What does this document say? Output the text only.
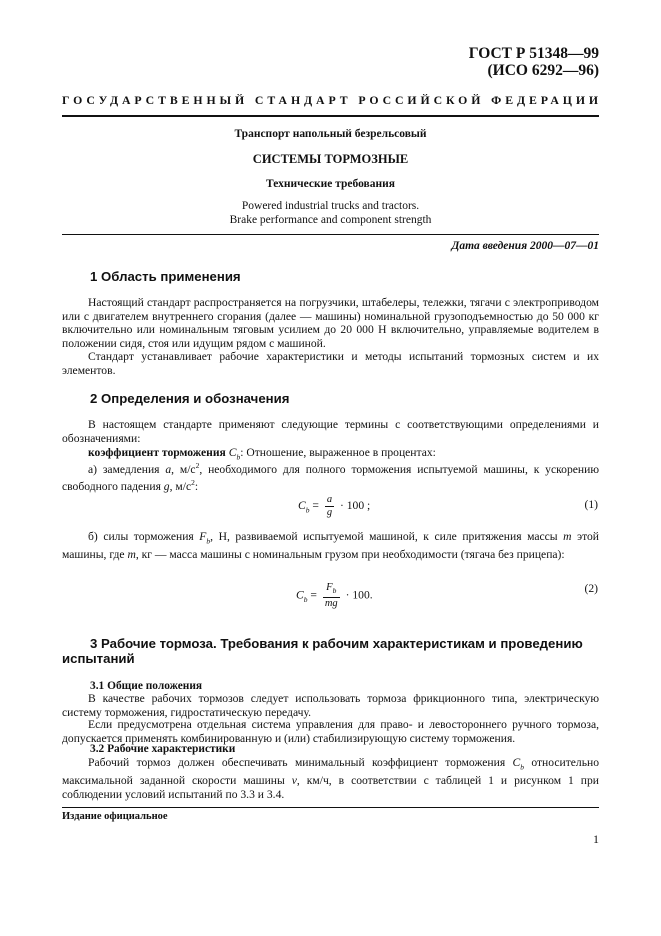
ГОСТ Р 51348—99
(ИСО 6292—96)
ГОСУДАРСТВЕННЫЙ СТАНДАРТ РОССИЙСКОЙ ФЕДЕРАЦИИ
Транспорт напольный безрельсовый
СИСТЕМЫ ТОРМОЗНЫЕ
Технические требования
Powered industrial trucks and tractors.
Brake performance and component strength
Дата введения 2000—07—01
1 Область применения
Настоящий стандарт распространяется на погрузчики, штабелеры, тележки, тягачи с электроприводом или с двигателем внутреннего сгорания (далее — машины) номинальной грузоподъемностью до 50 000 кг включительно или номинальным тяговым усилием до 20 000 Н включительно, управляемые водителем в положении сидя, стоя или идущим рядом с машиной.
Стандарт устанавливает рабочие характеристики и методы испытаний тормозных систем и их элементов.
2 Определения и обозначения
В настоящем стандарте применяют следующие термины с соответствующими определениями и обозначениями:
коэффициент торможения $C_b$: Отношение, выраженное в процентах:
а) замедления a, $м/с^2$, необходимого для полного торможения испытуемой машины, к ускорению свободного падения g, $м/с^2$:
$C_b = \frac{a}{g} \cdot 100$ ;	(1)
б) силы торможения $F_b$, Н, развиваемой испытуемой машиной, к силе притяжения массы m этой машины, где m, кг — масса машины с номинальным грузом при необходимости (тягача без прицепа):
$C_b = \frac{F_b}{mg} \cdot 100$.
(2)
3 Рабочие тормоза. Требования к рабочим характеристикам и проведению испытаний
3.1 Общие положения
В качестве рабочих тормозов следует использовать тормоза фрикционного типа, электрическую систему торможения, гидростатическую передачу.
Если предусмотрена отдельная система управления для право- и левостороннего ручного тормоза, допускается применять комбинированную и (или) стабилизирующую систему торможения.
3.2 Рабочие характеристики
Рабочий тормоз должен обеспечивать минимальный коэффициент торможения $C_b$ относительно максимальной заданной скорости машины v, км/ч, в соответствии с таблицей 1 и рисунком 1 при соблюдении условий испытаний по 3.3 и 3.4.
Издание официальное
1
